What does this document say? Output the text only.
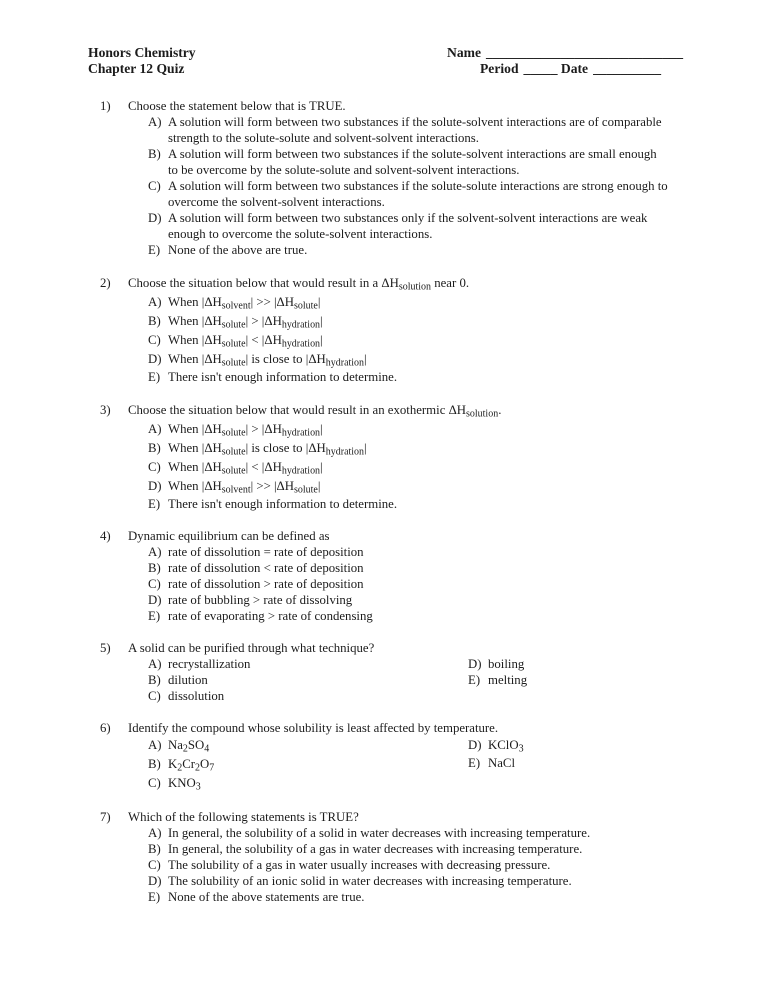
Honors Chemistry
Chapter 12 Quiz
Name _____________________________
Period _____ Date __________
1)	Choose the statement below that is TRUE.
A) A solution will form between two substances if the solute-solvent interactions are of comparable strength to the solute-solute and solvent-solvent interactions.
B) A solution will form between two substances if the solute-solvent interactions are small enough to be overcome by the solute-solute and solvent-solvent interactions.
C) A solution will form between two substances if the solute-solute interactions are strong enough to overcome the solvent-solvent interactions.
D) A solution will form between two substances only if the solvent-solvent interactions are weak enough to overcome the solute-solvent interactions.
E) None of the above are true.
2)	Choose the situation below that would result in a $\Delta H_{solution}$ near 0.
A) When $|\Delta H_{solvent}| >> |\Delta H_{solute}|$
B) When $|\Delta H_{solute}| > |\Delta H_{hydration}|$
C) When $|\Delta H_{solute}| < |\Delta H_{hydration}|$
D) When $|\Delta H_{solute}|$ is close to $|\Delta H_{hydration}|$
E) There isn't enough information to determine.
3)	Choose the situation below that would result in an exothermic $\Delta H_{solution}$.
A) When $|\Delta H_{solute}| > |\Delta H_{hydration}|$
B) When $|\Delta H_{solute}|$ is close to $|\Delta H_{hydration}|$
C) When $|\Delta H_{solute}| < |\Delta H_{hydration}|$
D) When $|\Delta H_{solvent}| >> |\Delta H_{solute}|$
E) There isn't enough information to determine.
4)	Dynamic equilibrium can be defined as
A) rate of dissolution = rate of deposition
B) rate of dissolution < rate of deposition
C) rate of dissolution > rate of deposition
D) rate of bubbling > rate of dissolving
E) rate of evaporating > rate of condensing
5)	A solid can be purified through what technique?
A) recrystallization
B) dilution
C) dissolution
D) boiling
E) melting
6)	Identify the compound whose solubility is least affected by temperature.
A) $Na_2SO_4$
B) $K_2Cr_2O_7$
C) $KNO_3$
D) KClO$_3$
E) NaCl
7)	Which of the following statements is TRUE?
A) In general, the solubility of a solid in water decreases with increasing temperature.
B) In general, the solubility of a gas in water decreases with increasing temperature.
C) The solubility of a gas in water usually increases with decreasing pressure.
D) The solubility of an ionic solid in water decreases with increasing temperature.
E) None of the above statements are true.
